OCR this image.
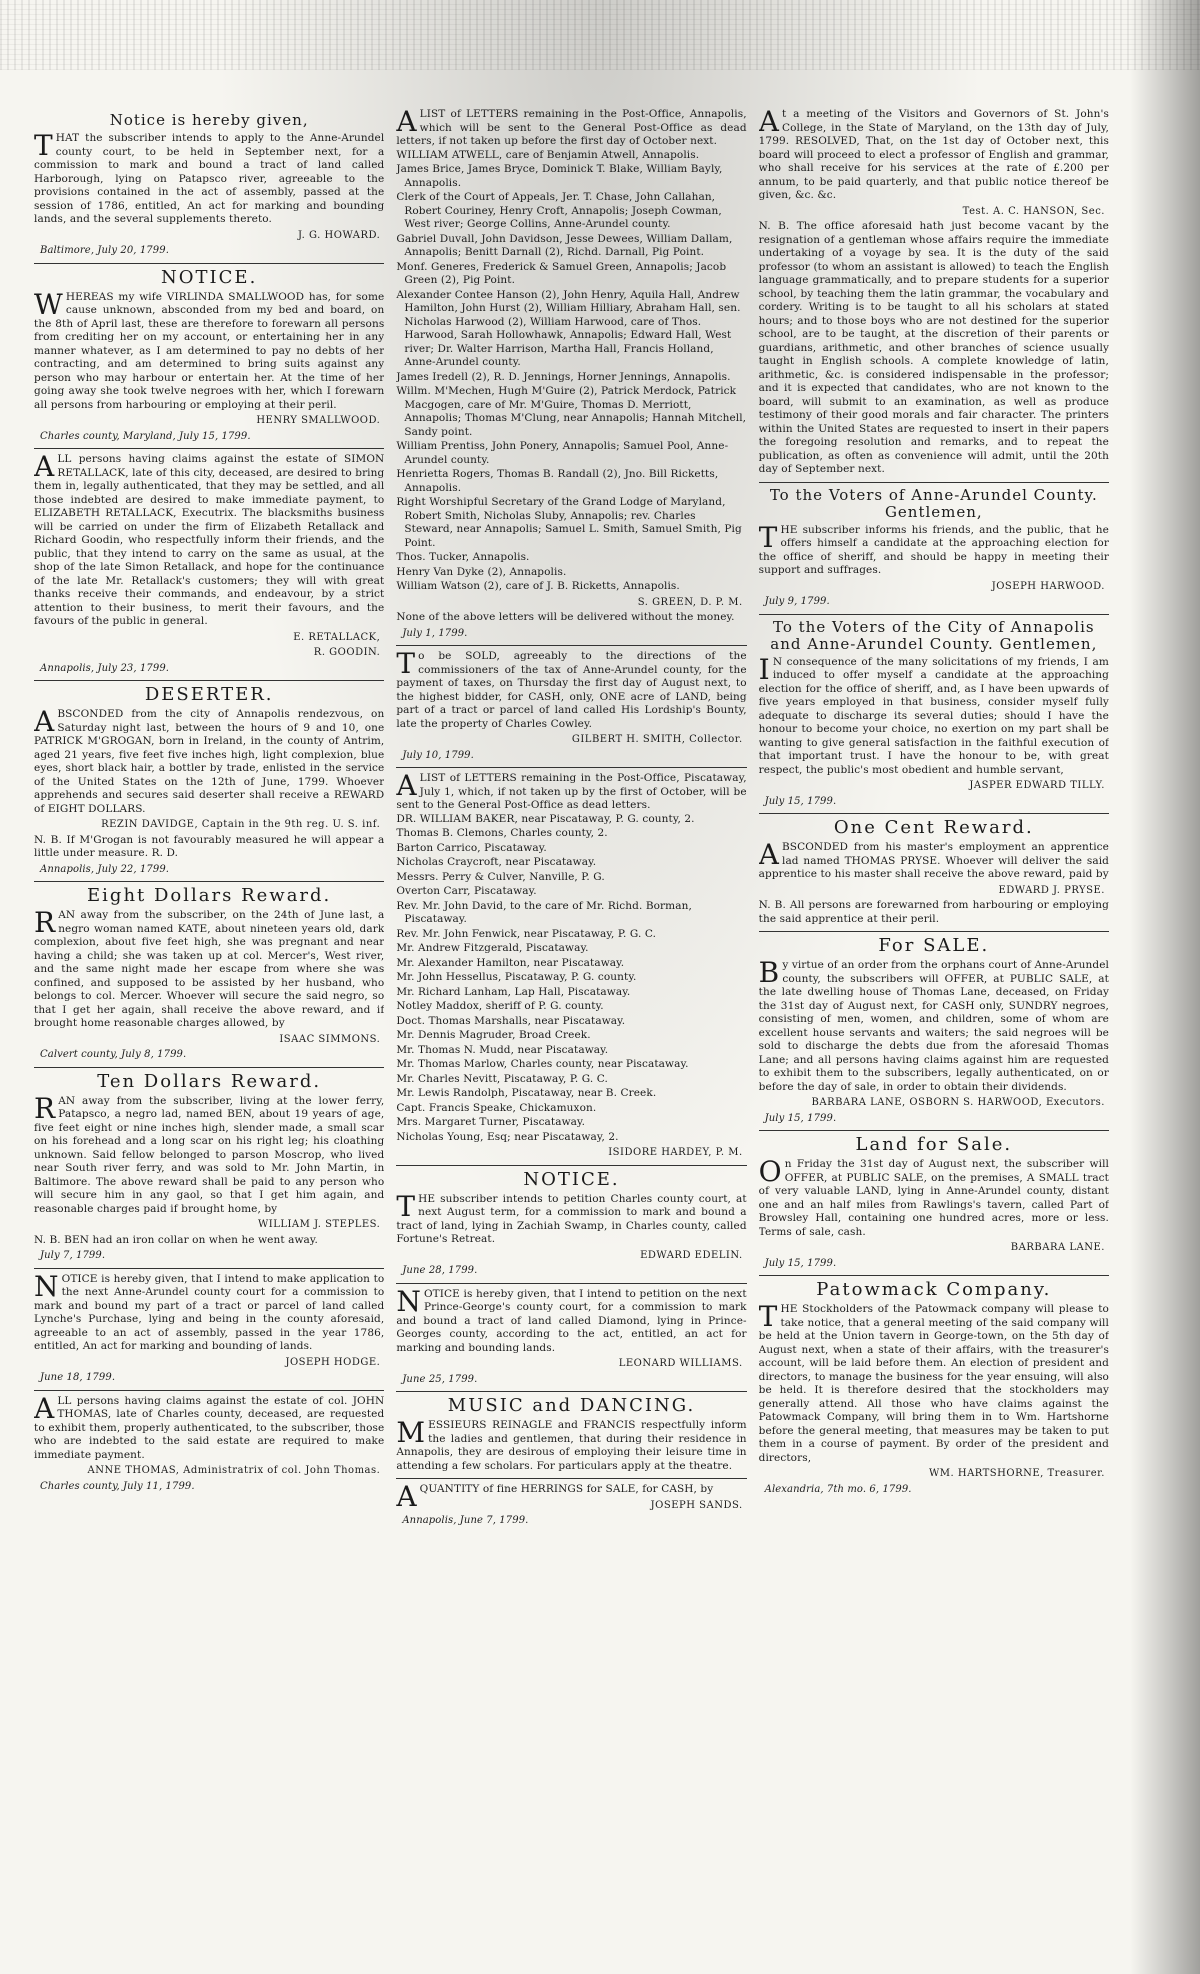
Notice is hereby given,

THAT the subscriber intends to apply to the Anne-Arundel county court, to be held in September next, for a commission to mark and bound a tract of land called Harborough, lying on Patapsco river, agreeable to the provisions contained in the act of assembly, passed at the session of 1786, entitled, An act for marking and bounding lands, and the several supplements thereto.

J. G. HOWARD.
Baltimore, July 20, 1799.
NOTICE.

WHEREAS my wife VIRLINDA SMALLWOOD has, for some cause unknown, absconded from my bed and board, on the 8th of April last, these are therefore to forewarn all persons from crediting her on my account, or entertaining her in any manner whatever, as I am determined to pay no debts of her contracting, and am determined to bring suits against any person who may harbour or entertain her. At the time of her going away she took twelve negroes with her, which I forewarn all persons from harbouring or employing at their peril.

HENRY SMALLWOOD.
Charles county, Maryland, July 15, 1799.

ALL persons having claims against the estate of SIMON RETALLACK, late of this city, deceased, are desired to bring them in, legally authenticated, that they may be settled, and all those indebted are desired to make immediate payment, to ELIZABETH RETALLACK, Executrix. The blacksmiths business will be carried on under the firm of Elizabeth Retallack and Richard Goodin, who respectfully inform their friends, and the public, that they intend to carry on the same as usual, at the shop of the late Simon Retallack, and hope for the continuance of the late Mr. Retallack's customers; they will with great thanks receive their commands, and endeavour, by a strict attention to their business, to merit their favours, and the favours of the public in general.

E. RETALLACK,
R. GOODIN.
Annapolis, July 23, 1799.
DESERTER.

ABSCONDED from the city of Annapolis rendezvous, on Saturday night last, between the hours of 9 and 10, one PATRICK M'GROGAN, born in Ireland, in the county of Antrim, aged 21 years, five feet five inches high, light complexion, blue eyes, short black hair, a bottler by trade, enlisted in the service of the United States on the 12th of June, 1799. Whoever apprehends and secures said deserter shall receive a REWARD of EIGHT DOLLARS.

REZIN DAVIDGE, Captain in the 9th reg. U. S. inf.

N. B. If M'Grogan is not favourably measured he will appear a little under measure. R. D.

Annapolis, July 22, 1799.
Eight Dollars Reward.

RAN away from the subscriber, on the 24th of June last, a negro woman named KATE, about nineteen years old, dark complexion, about five feet high, she was pregnant and near having a child; she was taken up at col. Mercer's, West river, and the same night made her escape from where she was confined, and supposed to be assisted by her husband, who belongs to col. Mercer. Whoever will secure the said negro, so that I get her again, shall receive the above reward, and if brought home reasonable charges allowed, by

ISAAC SIMMONS.
Calvert county, July 8, 1799.
Ten Dollars Reward.

RAN away from the subscriber, living at the lower ferry, Patapsco, a negro lad, named BEN, about 19 years of age, five feet eight or nine inches high, slender made, a small scar on his forehead and a long scar on his right leg; his cloathing unknown. Said fellow belonged to parson Moscrop, who lived near South river ferry, and was sold to Mr. John Martin, in Baltimore. The above reward shall be paid to any person who will secure him in any gaol, so that I get him again, and reasonable charges paid if brought home, by

WILLIAM J. STEPLES.

N. B. BEN had an iron collar on when he went away.

July 7, 1799.

NOTICE is hereby given, that I intend to make application to the next Anne-Arundel county court for a commission to mark and bound my part of a tract or parcel of land called Lynche's Purchase, lying and being in the county aforesaid, agreeable to an act of assembly, passed in the year 1786, entitled, An act for marking and bounding of lands.

JOSEPH HODGE.
June 18, 1799.

ALL persons having claims against the estate of col. JOHN THOMAS, late of Charles county, deceased, are requested to exhibit them, properly authenticated, to the subscriber, those who are indebted to the said estate are required to make immediate payment.

ANNE THOMAS, Administratrix of col. John Thomas.
Charles county, July 11, 1799.

ALIST of LETTERS remaining in the Post-Office, Annapolis, which will be sent to the General Post-Office as dead letters, if not taken up before the first day of October next.

WILLIAM ATWELL, care of Benjamin Atwell, Annapolis.
James Brice, James Bryce, Dominick T. Blake, William Bayly, Annapolis.
Clerk of the Court of Appeals, Jer. T. Chase, John Callahan, Robert Couriney, Henry Croft, Annapolis; Joseph Cowman, West river; George Collins, Anne-Arundel county.
Gabriel Duvall, John Davidson, Jesse Dewees, William Dallam, Annapolis; Benitt Darnall (2), Richd. Darnall, Pig Point.
Monf. Generes, Frederick & Samuel Green, Annapolis; Jacob Green (2), Pig Point.
Alexander Contee Hanson (2), John Henry, Aquila Hall, Andrew Hamilton, John Hurst (2), William Hilliary, Abraham Hall, sen. Nicholas Harwood (2), William Harwood, care of Thos. Harwood, Sarah Hollowhawk, Annapolis; Edward Hall, West river; Dr. Walter Harrison, Martha Hall, Francis Holland, Anne-Arundel county.
James Iredell (2), R. D. Jennings, Horner Jennings, Annapolis.
Willm. M'Mechen, Hugh M'Guire (2), Patrick Merdock, Patrick Macgogen, care of Mr. M'Guire, Thomas D. Merriott, Annapolis; Thomas M'Clung, near Annapolis; Hannah Mitchell, Sandy point.
William Prentiss, John Ponery, Annapolis; Samuel Pool, Anne-Arundel county.
Henrietta Rogers, Thomas B. Randall (2), Jno. Bill Ricketts, Annapolis.
Right Worshipful Secretary of the Grand Lodge of Maryland, Robert Smith, Nicholas Sluby, Annapolis; rev. Charles Steward, near Annapolis; Samuel L. Smith, Samuel Smith, Pig Point.
Thos. Tucker, Annapolis.
Henry Van Dyke (2), Annapolis.
William Watson (2), care of J. B. Ricketts, Annapolis.
S. GREEN, D. P. M.

None of the above letters will be delivered without the money.

July 1, 1799.

To be SOLD, agreeably to the directions of the commissioners of the tax of Anne-Arundel county, for the payment of taxes, on Thursday the first day of August next, to the highest bidder, for CASH, only, ONE acre of LAND, being part of a tract or parcel of land called His Lordship's Bounty, late the property of Charles Cowley.

GILBERT H. SMITH, Collector.
July 10, 1799.

ALIST of LETTERS remaining in the Post-Office, Piscataway, July 1, which, if not taken up by the first of October, will be sent to the General Post-Office as dead letters.

DR. WILLIAM BAKER, near Piscataway, P. G. county, 2.
Thomas B. Clemons, Charles county, 2.
Barton Carrico, Piscataway.
Nicholas Craycroft, near Piscataway.
Messrs. Perry & Culver, Nanville, P. G.
Overton Carr, Piscataway.
Rev. Mr. John David, to the care of Mr. Richd. Borman, Piscataway.
Rev. Mr. John Fenwick, near Piscataway, P. G. C.
Mr. Andrew Fitzgerald, Piscataway.
Mr. Alexander Hamilton, near Piscataway.
Mr. John Hessellus, Piscataway, P. G. county.
Mr. Richard Lanham, Lap Hall, Piscataway.
Notley Maddox, sheriff of P. G. county.
Doct. Thomas Marshalls, near Piscataway.
Mr. Dennis Magruder, Broad Creek.
Mr. Thomas N. Mudd, near Piscataway.
Mr. Thomas Marlow, Charles county, near Piscataway.
Mr. Charles Nevitt, Piscataway, P. G. C.
Mr. Lewis Randolph, Piscataway, near B. Creek.
Capt. Francis Speake, Chickamuxon.
Mrs. Margaret Turner, Piscataway.
Nicholas Young, Esq; near Piscataway, 2.
ISIDORE HARDEY, P. M.
NOTICE.

THE subscriber intends to petition Charles county court, at next August term, for a commission to mark and bound a tract of land, lying in Zachiah Swamp, in Charles county, called Fortune's Retreat.

EDWARD EDELIN.
June 28, 1799.

NOTICE is hereby given, that I intend to petition on the next Prince-George's county court, for a commission to mark and bound a tract of land called Diamond, lying in Prince-Georges county, according to the act, entitled, an act for marking and bounding lands.

LEONARD WILLIAMS.
June 25, 1799.
MUSIC and DANCING.

MESSIEURS REINAGLE and FRANCIS respectfully inform the ladies and gentlemen, that during their residence in Annapolis, they are desirous of employing their leisure time in attending a few scholars. For particulars apply at the theatre.

AQUANTITY of fine HERRINGS for SALE, for CASH, by

JOSEPH SANDS.
Annapolis, June 7, 1799.

At a meeting of the Visitors and Governors of St. John's College, in the State of Maryland, on the 13th day of July, 1799. RESOLVED, That, on the 1st day of October next, this board will proceed to elect a professor of English and grammar, who shall receive for his services at the rate of £.200 per annum, to be paid quarterly, and that public notice thereof be given, &c. &c.

Test. A. C. HANSON, Sec.

N. B. The office aforesaid hath just become vacant by the resignation of a gentleman whose affairs require the immediate undertaking of a voyage by sea. It is the duty of the said professor (to whom an assistant is allowed) to teach the English language grammatically, and to prepare students for a superior school, by teaching them the latin grammar, the vocabulary and cordery. Writing is to be taught to all his scholars at stated hours; and to those boys who are not destined for the superior school, are to be taught, at the discretion of their parents or guardians, arithmetic, and other branches of science usually taught in English schools. A complete knowledge of latin, arithmetic, &c. is considered indispensable in the professor; and it is expected that candidates, who are not known to the board, will submit to an examination, as well as produce testimony of their good morals and fair character. The printers within the United States are requested to insert in their papers the foregoing resolution and remarks, and to repeat the publication, as often as convenience will admit, until the 20th day of September next.

To the Voters of Anne-Arundel County. Gentlemen,

THE subscriber informs his friends, and the public, that he offers himself a candidate at the approaching election for the office of sheriff, and should be happy in meeting their support and suffrages.

JOSEPH HARWOOD.
July 9, 1799.
To the Voters of the City of Annapolis and Anne-Arundel County. Gentlemen,

IN consequence of the many solicitations of my friends, I am induced to offer myself a candidate at the approaching election for the office of sheriff, and, as I have been upwards of five years employed in that business, consider myself fully adequate to discharge its several duties; should I have the honour to become your choice, no exertion on my part shall be wanting to give general satisfaction in the faithful execution of that important trust. I have the honour to be, with great respect, the public's most obedient and humble servant,

JASPER EDWARD TILLY.
July 15, 1799.
One Cent Reward.

ABSCONDED from his master's employment an apprentice lad named THOMAS PRYSE. Whoever will deliver the said apprentice to his master shall receive the above reward, paid by

EDWARD J. PRYSE.

N. B. All persons are forewarned from harbouring or employing the said apprentice at their peril.

For SALE.

By virtue of an order from the orphans court of Anne-Arundel county, the subscribers will OFFER, at PUBLIC SALE, at the late dwelling house of Thomas Lane, deceased, on Friday the 31st day of August next, for CASH only, SUNDRY negroes, consisting of men, women, and children, some of whom are excellent house servants and waiters; the said negroes will be sold to discharge the debts due from the aforesaid Thomas Lane; and all persons having claims against him are requested to exhibit them to the subscribers, legally authenticated, on or before the day of sale, in order to obtain their dividends.

BARBARA LANE, OSBORN S. HARWOOD, Executors.
July 15, 1799.
Land for Sale.

On Friday the 31st day of August next, the subscriber will OFFER, at PUBLIC SALE, on the premises, A SMALL tract of very valuable LAND, lying in Anne-Arundel county, distant one and an half miles from Rawlings's tavern, called Part of Browsley Hall, containing one hundred acres, more or less. Terms of sale, cash.

BARBARA LANE.
July 15, 1799.
Patowmack Company.

THE Stockholders of the Patowmack company will please to take notice, that a general meeting of the said company will be held at the Union tavern in George-town, on the 5th day of August next, when a state of their affairs, with the treasurer's account, will be laid before them. An election of president and directors, to manage the business for the year ensuing, will also be held. It is therefore desired that the stockholders may generally attend. All those who have claims against the Patowmack Company, will bring them in to Wm. Hartshorne before the general meeting, that measures may be taken to put them in a course of payment. By order of the president and directors,

WM. HARTSHORNE, Treasurer.
Alexandria, 7th mo. 6, 1799.
